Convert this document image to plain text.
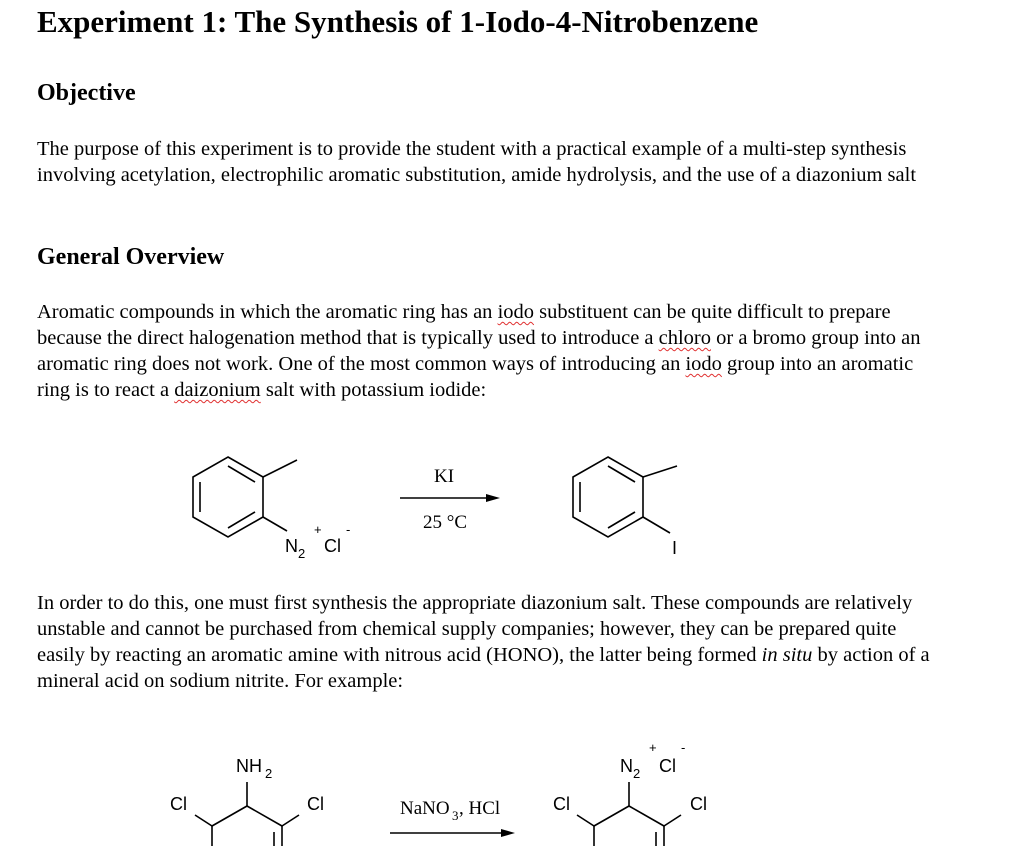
Experiment 1: The Synthesis of 1-Iodo-4-Nitrobenzene
Objective

The purpose of this experiment is to provide the student with a practical example of a multi-step synthesis involving acetylation, electrophilic aromatic substitution, amide hydrolysis, and the use of a diazonium salt

General Overview

Aromatic compounds in which the aromatic ring has an iodo substituent can be quite difficult to prepare because the direct halogenation method that is typically used to introduce a chloro or a bromo group into an aromatic ring does not work. One of the most common ways of introducing an iodo group into an aromatic ring is to react a daizonium salt with potassium iodide:

In order to do this, one must first synthesis the appropriate diazonium salt. These compounds are relatively unstable and cannot be purchased from chemical supply companies; however, they can be prepared quite easily by reacting an aromatic amine with nitrous acid (HONO), the latter being formed in situ by action of a mineral acid on sodium nitrite. For example:

N 2
+
Cl
-
KI
25 °C
I
NH 2
Cl	Cl	NaNO 3 , HCl
N 2
+
Cl
-
Cl	Cl
